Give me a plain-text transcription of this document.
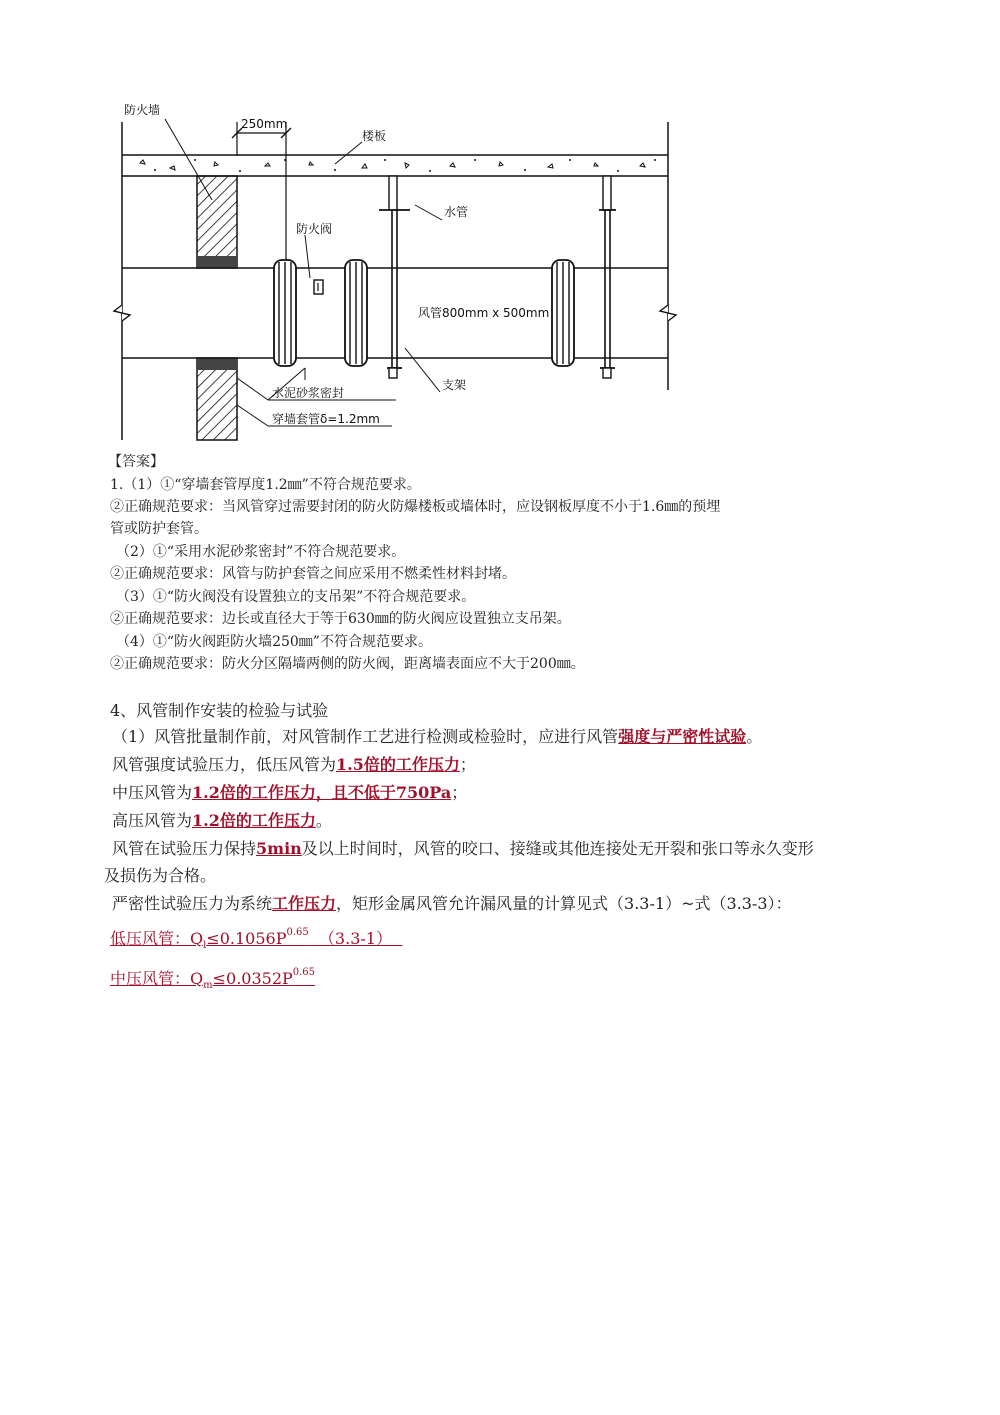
防火墙
250mm
楼板
水管
防火阀
风管800mm x 500mm
支架
水泥砂浆密封
穿墙套管δ=1.2mm
【答案】
1.（1）①“穿墙套管厚度1.2㎜”不符合规范要求。
②正确规范要求：当风管穿过需要封闭的防火防爆楼板或墙体时，应设钢板厚度不小于1.6㎜的预埋
管或防护套管。
（2）①“采用水泥砂浆密封”不符合规范要求。
②正确规范要求：风管与防护套管之间应采用不燃柔性材料封堵。
（3）①“防火阀没有设置独立的支吊架”不符合规范要求。
②正确规范要求：边长或直径大于等于630㎜的防火阀应设置独立支吊架。
（4）①“防火阀距防火墙250㎜”不符合规范要求。
②正确规范要求：防火分区隔墙两侧的防火阀，距离墙表面应不大于200㎜。
4、风管制作安装的检验与试验
（1）风管批量制作前，对风管制作工艺进行检测或检验时，应进行风管强度与严密性试验。
风管强度试验压力，低压风管为1.5倍的工作压力；
中压风管为1.2倍的工作压力，且不低于750Pa；
高压风管为1.2倍的工作压力。
风管在试验压力保持5min及以上时间时，风管的咬口、接缝或其他连接处无开裂和张口等永久变形
及损伤为合格。
严密性试验压力为系统工作压力，矩形金属风管允许漏风量的计算见式（3.3-1）~式（3.3-3）：
低压风管：$Q_l\le 0.1056P^{0.65}$ （3.3-1）
中压风管：$Q_m\le 0.0352P^{0.65}$
